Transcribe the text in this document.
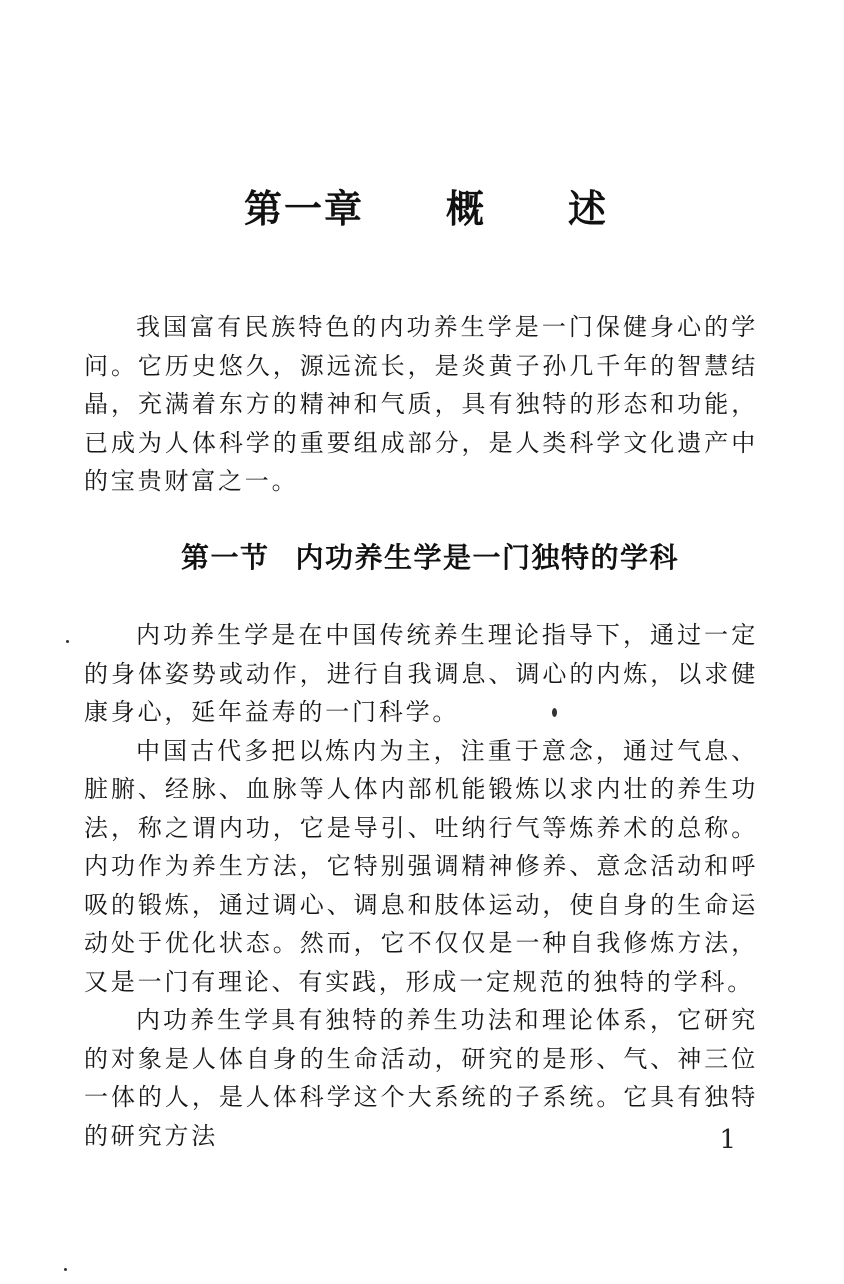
第一章 概 述

我国富有民族特色的内功养生学是一门保健身心的学问。它历史悠久，源远流长，是炎黄子孙几千年的智慧结晶，充满着东方的精神和气质，具有独特的形态和功能，已成为人体科学的重要组成部分，是人类科学文化遗产中的宝贵财富之一。

第一节 内功养生学是一门独特的学科

内功养生学是在中国传统养生理论指导下，通过一定的身体姿势或动作，进行自我调息、调心的内炼，以求健康身心，延年益寿的一门科学。

中国古代多把以炼内为主，注重于意念，通过气息、脏腑、经脉、血脉等人体内部机能锻炼以求内壮的养生功法，称之谓内功，它是导引、吐纳行气等炼养术的总称。内功作为养生方法，它特别强调精神修养、意念活动和呼吸的锻炼，通过调心、调息和肢体运动，使自身的生命运动处于优化状态。然而，它不仅仅是一种自我修炼方法，又是一门有理论、有实践，形成一定规范的独特的学科。

内功养生学具有独特的养生功法和理论体系，它研究的对象是人体自身的生命活动，研究的是形、气、神三位一体的人，是人体科学这个大系统的子系统。它具有独特的研究方法	1
